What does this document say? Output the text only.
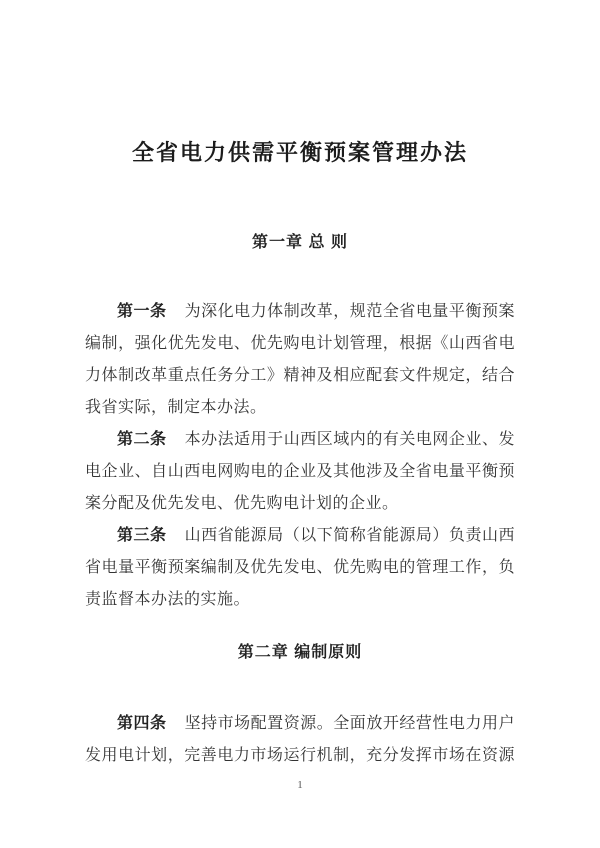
全省电力供需平衡预案管理办法
第一章 总 则

第一条 为深化电力体制改革，规范全省电量平衡预案编制，强化优先发电、优先购电计划管理，根据《山西省电力体制改革重点任务分工》精神及相应配套文件规定，结合我省实际，制定本办法。

第二条 本办法适用于山西区域内的有关电网企业、发电企业、自山西电网购电的企业及其他涉及全省电量平衡预案分配及优先发电、优先购电计划的企业。

第三条 山西省能源局（以下简称省能源局）负责山西省电量平衡预案编制及优先发电、优先购电的管理工作，负责监督本办法的实施。

第二章 编制原则

第四条 坚持市场配置资源。全面放开经营性电力用户发用电计划，完善电力市场运行机制，充分发挥市场在资源

1
